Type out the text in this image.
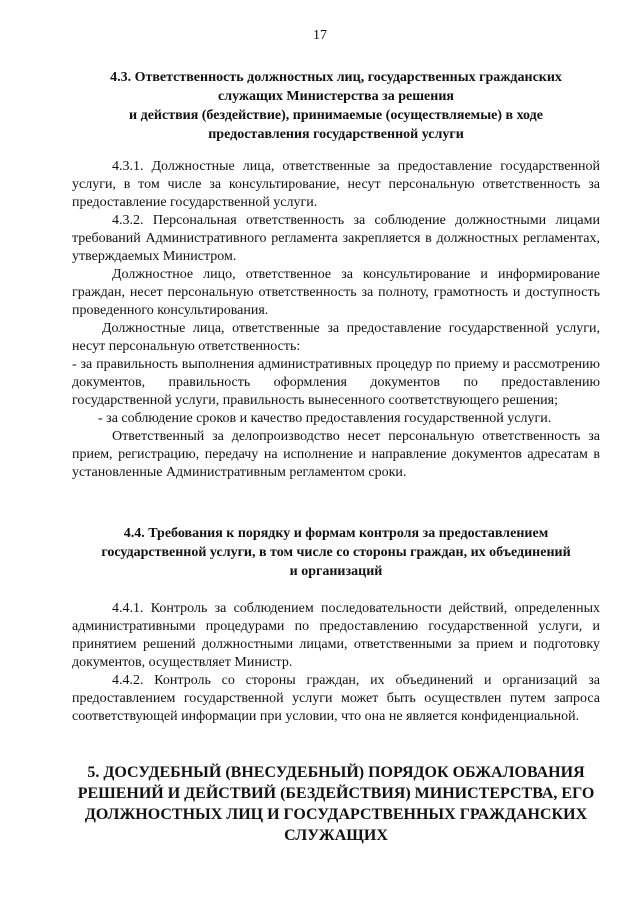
17

4.3. Ответственность должностных лиц, государственных гражданских

служащих Министерства за решения

и действия (бездействие), принимаемые (осуществляемые) в ходе

предоставления государственной услуги

4.3.1. Должностные лица, ответственные за предоставление государственной услуги, в том числе за консультирование, несут персональную ответственность за предоставление государственной услуги.

4.3.2. Персональная ответственность за соблюдение должностными лицами требований Административного регламента закрепляется в должностных регламентах, утверждаемых Министром.

Должностное лицо, ответственное за консультирование и информирование граждан, несет персональную ответственность за полноту, грамотность и доступность проведенного консультирования.

Должностные лица, ответственные за предоставление государственной услуги, несут персональную ответственность:

- за правильность выполнения административных процедур по приему и рассмотрению документов, правильность оформления документов по предоставлению государственной услуги, правильность вынесенного соответствующего решения;

- за соблюдение сроков и качество предоставления государственной услуги.

Ответственный за делопроизводство несет персональную ответственность за прием, регистрацию, передачу на исполнение и направление документов адресатам в установленные Административным регламентом сроки.

4.4. Требования к порядку и формам контроля за предоставлением

государственной услуги, в том числе со стороны граждан, их объединений

и организаций

4.4.1. Контроль за соблюдением последовательности действий, определенных административными процедурами по предоставлению государственной услуги, и принятием решений должностными лицами, ответственными за прием и подготовку документов, осуществляет Министр.

4.4.2. Контроль со стороны граждан, их объединений и организаций за предоставлением государственной услуги может быть осуществлен путем запроса соответствующей информации при условии, что она не является конфиденциальной.

5. ДОСУДЕБНЫЙ (ВНЕСУДЕБНЫЙ) ПОРЯДОК ОБЖАЛОВАНИЯ

РЕШЕНИЙ И ДЕЙСТВИЙ (БЕЗДЕЙСТВИЯ) МИНИСТЕРСТВА, ЕГО

ДОЛЖНОСТНЫХ ЛИЦ И ГОСУДАРСТВЕННЫХ ГРАЖДАНСКИХ

СЛУЖАЩИХ
